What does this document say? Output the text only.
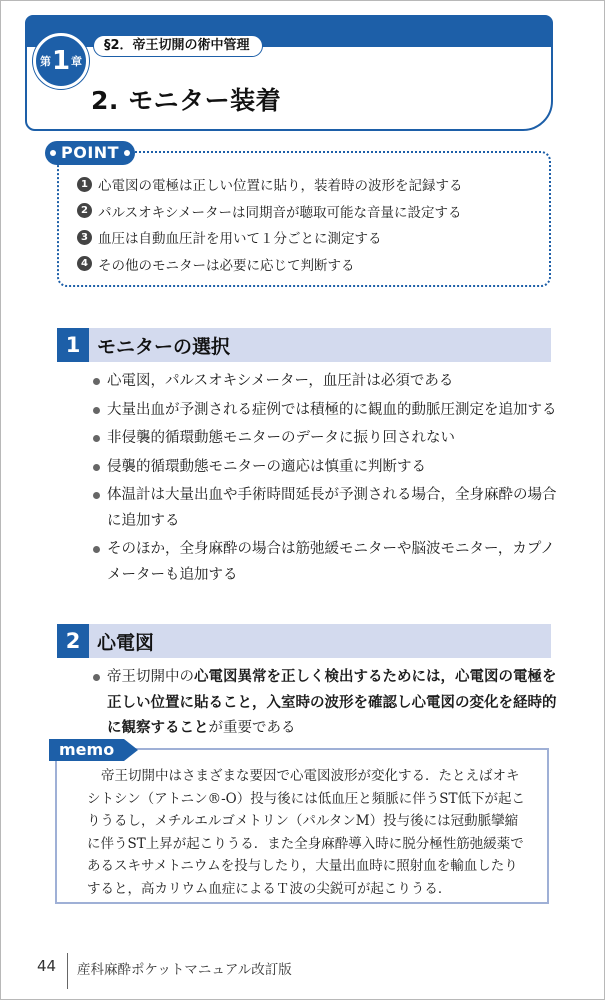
第 1 章
§2．帝王切開の術中管理
2. モニター装着
POINT
1 心電図の電極は正しい位置に貼り，装着時の波形を記録する
2 パルスオキシメーターは同期音が聴取可能な音量に設定する
3 血圧は自動血圧計を用いて１分ごとに測定する
4 その他のモニターは必要に応じて判断する
1 モニターの選択
心電図，パルスオキシメーター，血圧計は必須である
大量出血が予測される症例では積極的に観血的動脈圧測定を追加する
非侵襲的循環動態モニターのデータに振り回されない
侵襲的循環動態モニターの適応は慎重に判断する
体温計は大量出血や手術時間延長が予測される場合，全身麻酔の場合に追加する
そのほか，全身麻酔の場合は筋弛緩モニターや脳波モニター，カプノメーターも追加する
2 心電図
帝王切開中の心電図異常を正しく検出するためには，心電図の電極を正しい位置に貼ること，入室時の波形を確認し心電図の変化を経時的に観察することが重要である
memo
帝王切開中はさまざまな要因で心電図波形が変化する．たとえばオキシトシン（アトニン®-O）投与後には低血圧と頻脈に伴うST低下が起こりうるし，メチルエルゴメトリン（パルタンM）投与後には冠動脈攣縮に伴うST上昇が起こりうる．また全身麻酔導入時に脱分極性筋弛緩薬であるスキサメトニウムを投与したり，大量出血時に照射血を輸血したりすると，高カリウム血症によるＴ波の尖鋭可が起こりうる．
44 産科麻酔ポケットマニュアル改訂版
